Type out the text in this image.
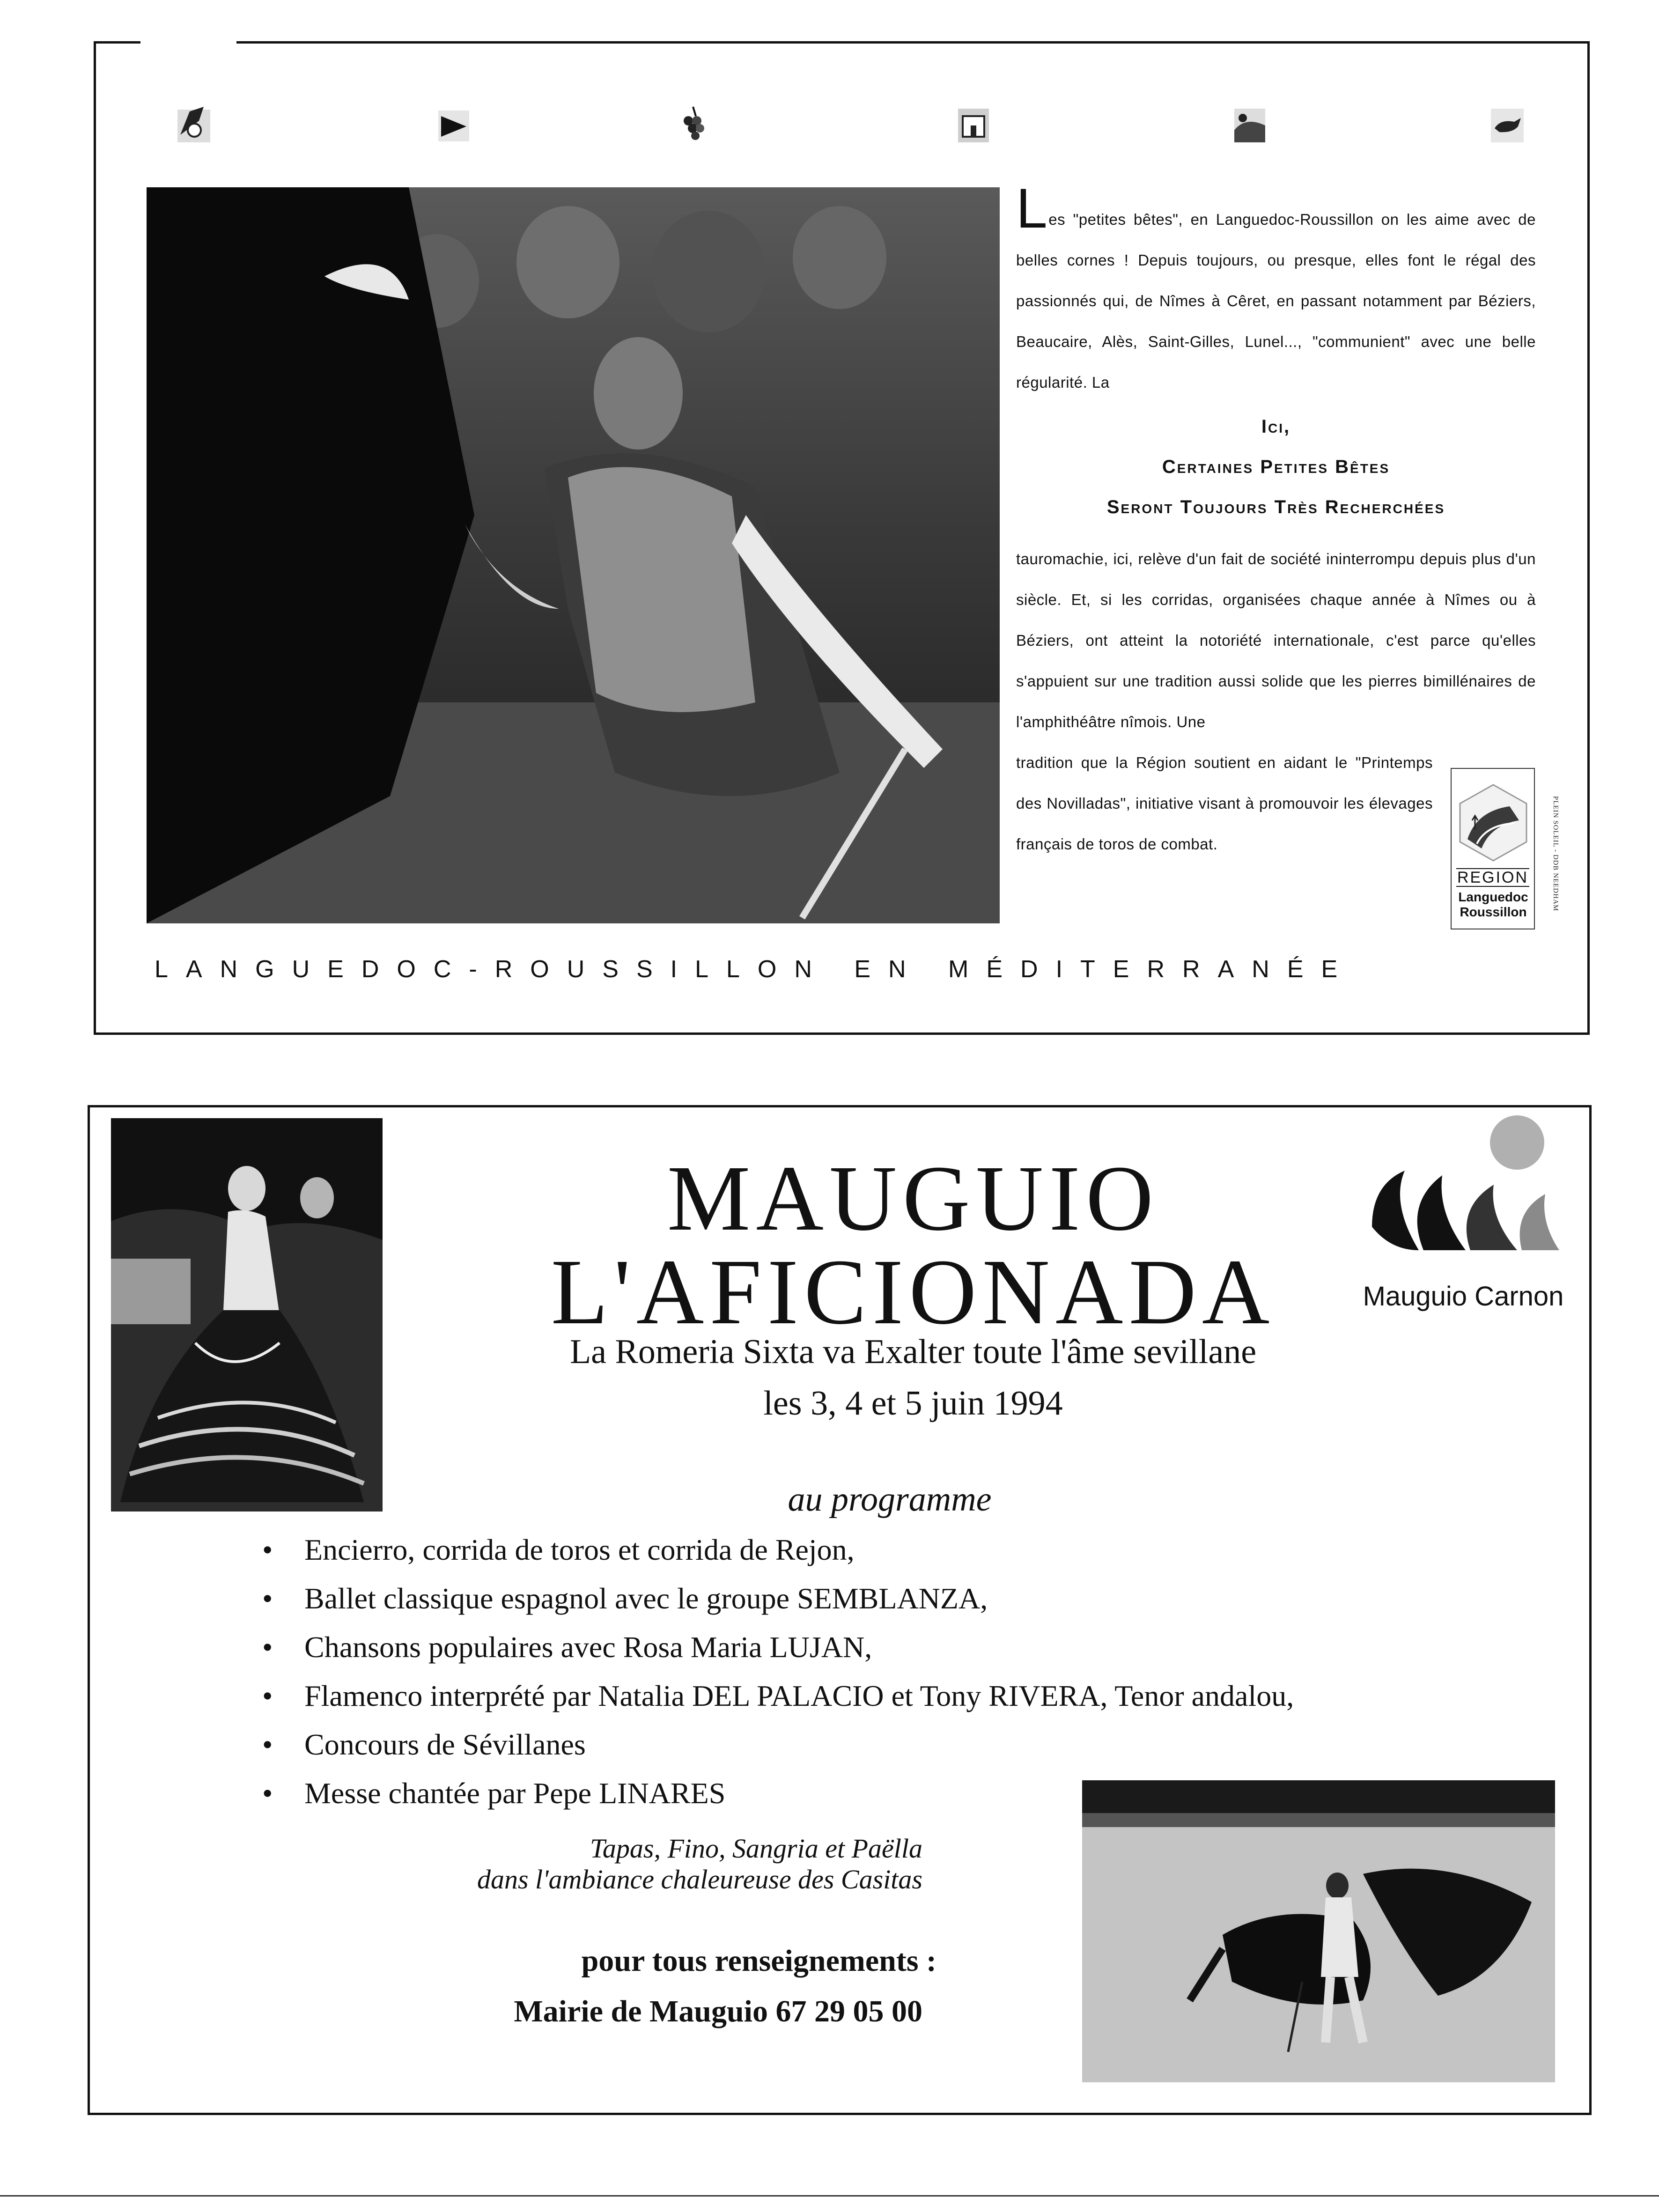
Les "petites bêtes", en Languedoc-Roussillon on les aime avec de belles cornes ! Depuis toujours, ou presque, elles font le régal des passionnés qui, de Nîmes à Cêret, en passant notamment par Béziers, Beaucaire, Alès, Saint-Gilles, Lunel..., "communient" avec une belle régularité. La

Ici,
Certaines Petites Bêtes
Seront Toujours Très Recherchées

tauromachie, ici, relève d'un fait de société ininterrompu depuis plus d'un siècle. Et, si les corridas, organisées chaque année à Nîmes ou à Béziers, ont atteint la notoriété internationale, c'est parce qu'elles s'appuient sur une tradition aussi solide que les pierres bimillénaires de l'amphithéâtre nîmois. Une

tradition que la Région soutient en aidant le "Printemps des Novilladas", initiative visant à promouvoir les élevages français de toros de combat.

REGION
Languedoc
Roussillon
PLEIN SOLEIL - DDB NEEDHAM
LANGUEDOC-ROUSSILLON EN MÉDITERRANÉE
MAUGUIO
L'AFICIONADA
La Romeria Sixta va Exalter toute l'âme sevillane
les 3, 4 et 5 juin 1994
Mauguio Carnon
au programme
• Encierro, corrida de toros et corrida de Rejon,
• Ballet classique espagnol avec le groupe SEMBLANZA,
• Chansons populaires avec Rosa Maria LUJAN,
• Flamenco interprété par Natalia DEL PALACIO et Tony RIVERA, Tenor andalou,
• Concours de Sévillanes
• Messe chantée par Pepe LINARES
Tapas, Fino, Sangria et Paëlla
dans l'ambiance chaleureuse des Casitas
pour tous renseignements :
Mairie de Mauguio 67 29 05 00
